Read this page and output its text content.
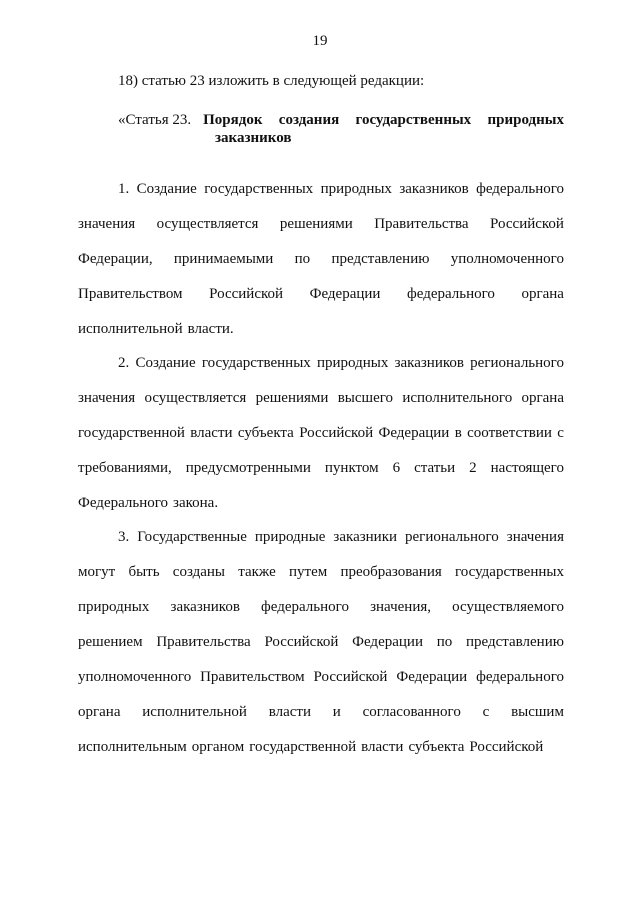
19
18) статью 23 изложить в следующей редакции:
«Статья 23. Порядок создания государственных природных
заказников
1. Создание государственных природных заказников федерального
значения осуществляется решениями Правительства Российской
Федерации, принимаемыми по представлению уполномоченного
Правительством Российской Федерации федерального органа
исполнительной власти.
2. Создание государственных природных заказников регионального
значения осуществляется решениями высшего исполнительного органа
государственной власти субъекта Российской Федерации в соответствии с
требованиями, предусмотренными пунктом 6 статьи 2 настоящего
Федерального закона.
3. Государственные природные заказники регионального значения
могут быть созданы также путем преобразования государственных
природных заказников федерального значения, осуществляемого
решением Правительства Российской Федерации по представлению
уполномоченного Правительством Российской Федерации федерального
органа исполнительной власти и согласованного с высшим
исполнительным органом государственной власти субъекта Российской
